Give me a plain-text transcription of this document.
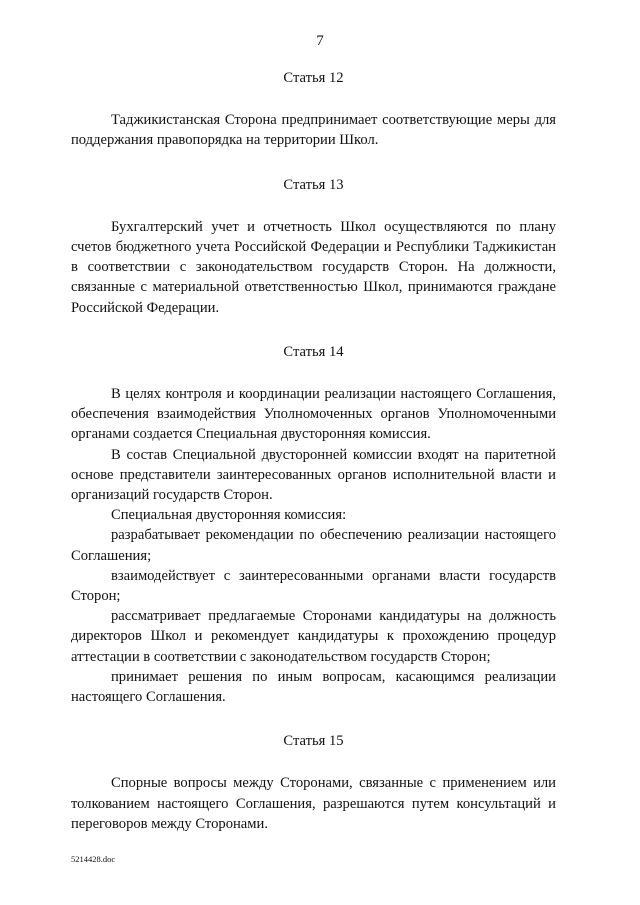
7

Статья 12

Таджикистанская Сторона предпринимает соответствующие меры для поддержания правопорядка на территории Школ.

Статья 13

Бухгалтерский учет и отчетность Школ осуществляются по плану счетов бюджетного учета Российской Федерации и Республики Таджикистан в соответствии с законодательством государств Сторон. На должности, связанные с материальной ответственностью Школ, принимаются граждане Российской Федерации.

Статья 14

В целях контроля и координации реализации настоящего Соглашения, обеспечения взаимодействия Уполномоченных органов Уполномоченными органами создается Специальная двусторонняя комиссия.

В состав Специальной двусторонней комиссии входят на паритетной основе представители заинтересованных органов исполнительной власти и организаций государств Сторон.

Специальная двусторонняя комиссия:

разрабатывает рекомендации по обеспечению реализации настоящего Соглашения;

взаимодействует с заинтересованными органами власти государств Сторон;

рассматривает предлагаемые Сторонами кандидатуры на должность директоров Школ и рекомендует кандидатуры к прохождению процедур аттестации в соответствии с законодательством государств Сторон;

принимает решения по иным вопросам, касающимся реализации настоящего Соглашения.

Статья 15

Спорные вопросы между Сторонами, связанные с применением или толкованием настоящего Соглашения, разрешаются путем консультаций и переговоров между Сторонами.

5214428.doc
